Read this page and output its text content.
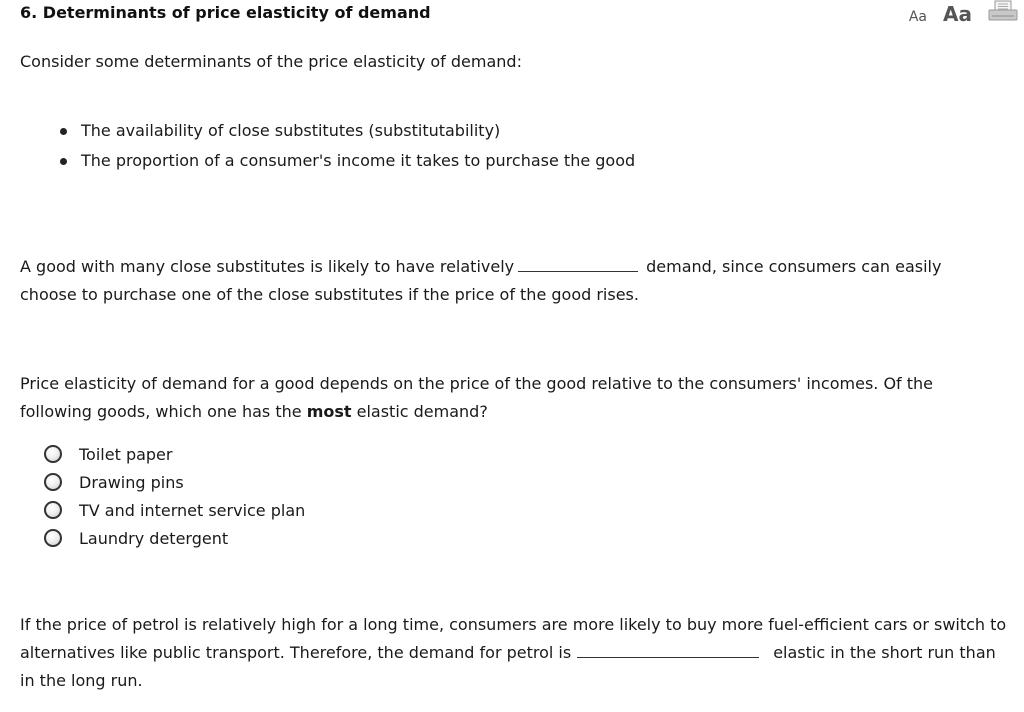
6. Determinants of price elasticity of demand	Aa Aa
Consider some determinants of the price elasticity of demand:
The availability of close substitutes (substitutability)
The proportion of a consumer's income it takes to purchase the good
A good with many close substitutes is likely to have relatively	demand, since consumers can easily choose to purchase one of the close substitutes if the price of the good rises.
Price elasticity of demand for a good depends on the price of the good relative to the consumers' incomes. Of the following goods, which one has the most elastic demand?
Toilet paper
Drawing pins
TV and internet service plan
Laundry detergent
If the price of petrol is relatively high for a long time, consumers are more likely to buy more fuel-efficient cars or switch to alternatives like public transport. Therefore, the demand for petrol is	elastic in the short run than in the long run.
